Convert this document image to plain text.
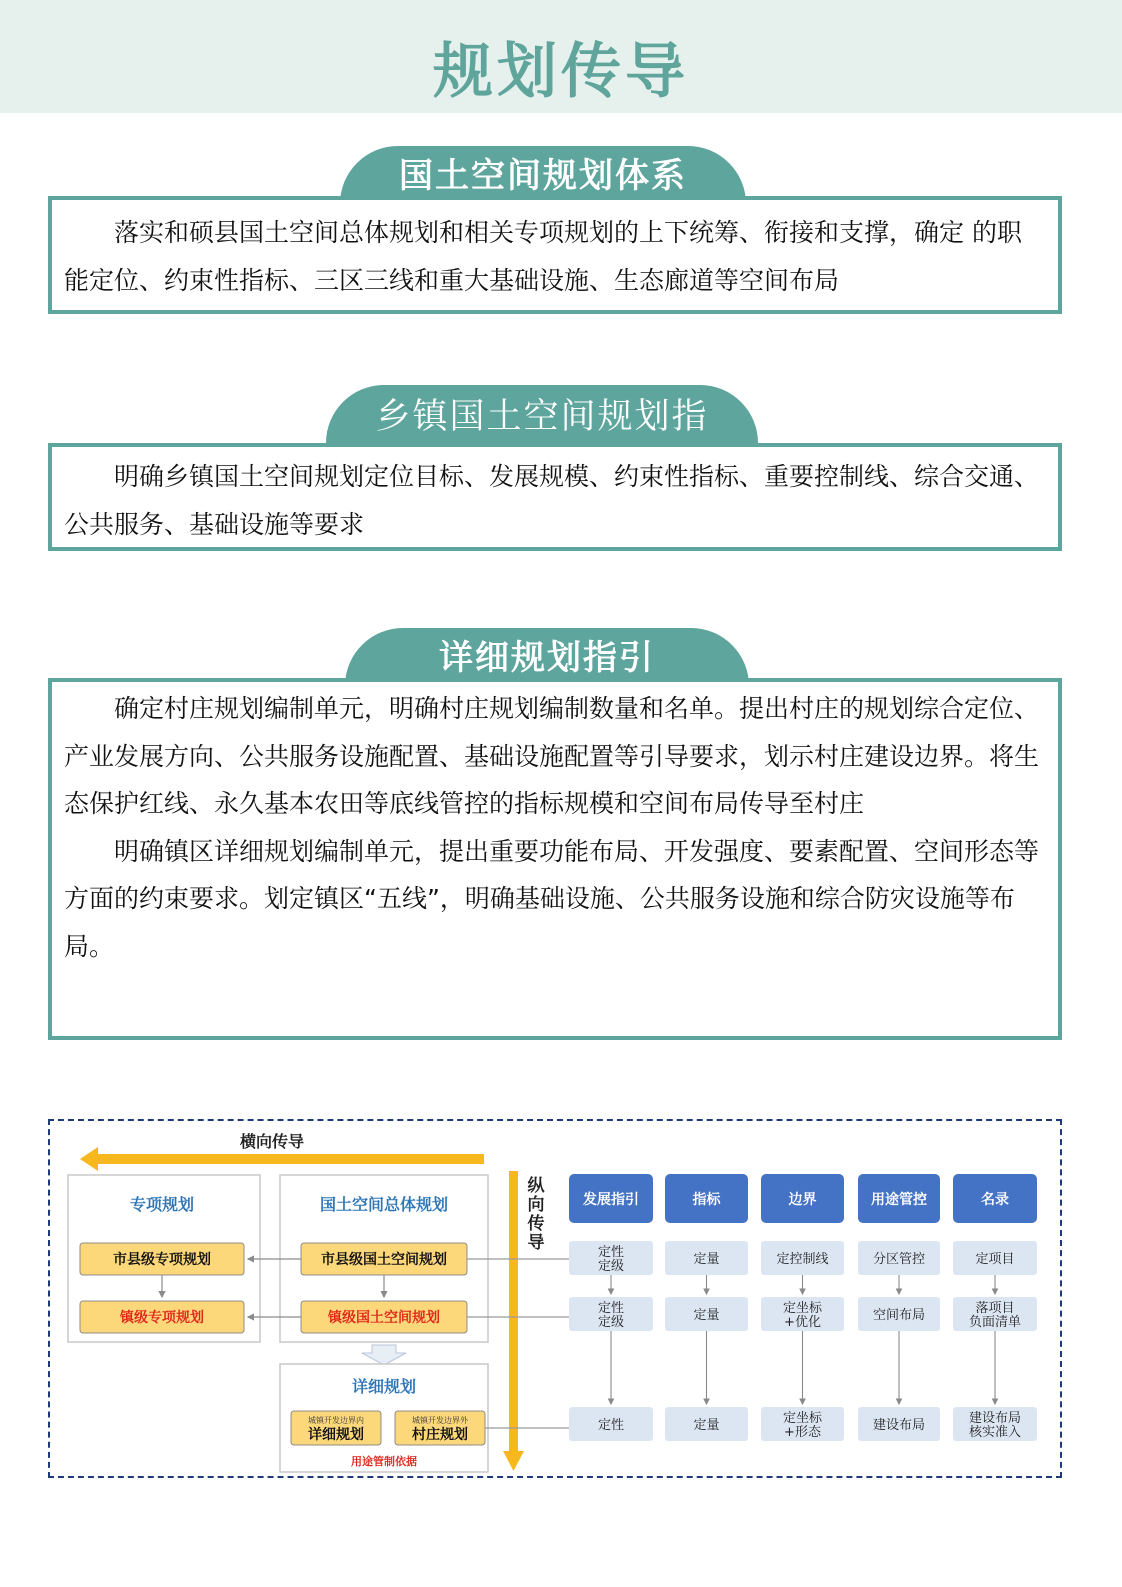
规划传导
国土空间规划体系

落实和硕县国土空间总体规划和相关专项规划的上下统筹、衔接和支撑，确定 的职能定位、约束性指标、三区三线和重大基础设施、生态廊道等空间布局

乡镇国土空间规划指

明确乡镇国土空间规划定位目标、发展规模、约束性指标、重要控制线、综合交通、公共服务、基础设施等要求

详细规划指引

确定村庄规划编制单元，明确村庄规划编制数量和名单。提出村庄的规划综合定位、产业发展方向、公共服务设施配置、基础设施配置等引导要求，划示村庄建设边界。将生态保护红线、永久基本农田等底线管控的指标规模和空间布局传导至村庄

明确镇区详细规划编制单元，提出重要功能布局、开发强度、要素配置、空间形态等方面的约束要求。划定镇区“五线”，明确基础设施、公共服务设施和综合防灾设施等布局。

横向传导
纵
向
传
导
专项规划
市县级专项规划
镇级专项规划
国土空间总体规划
市县级国土空间规划
镇级国土空间规划
详细规划
城镇开发边界内
详细规划
城镇开发边界外
村庄规划
用途管制依据
发展指引
定性定级
定性定级
定性
指标
定量
定量
定量
边界
定控制线
定坐标+优化
定坐标+形态
用途管控
分区管控
空间布局
建设布局
名录
定项目
落项目负面清单
建设布局核实准入
